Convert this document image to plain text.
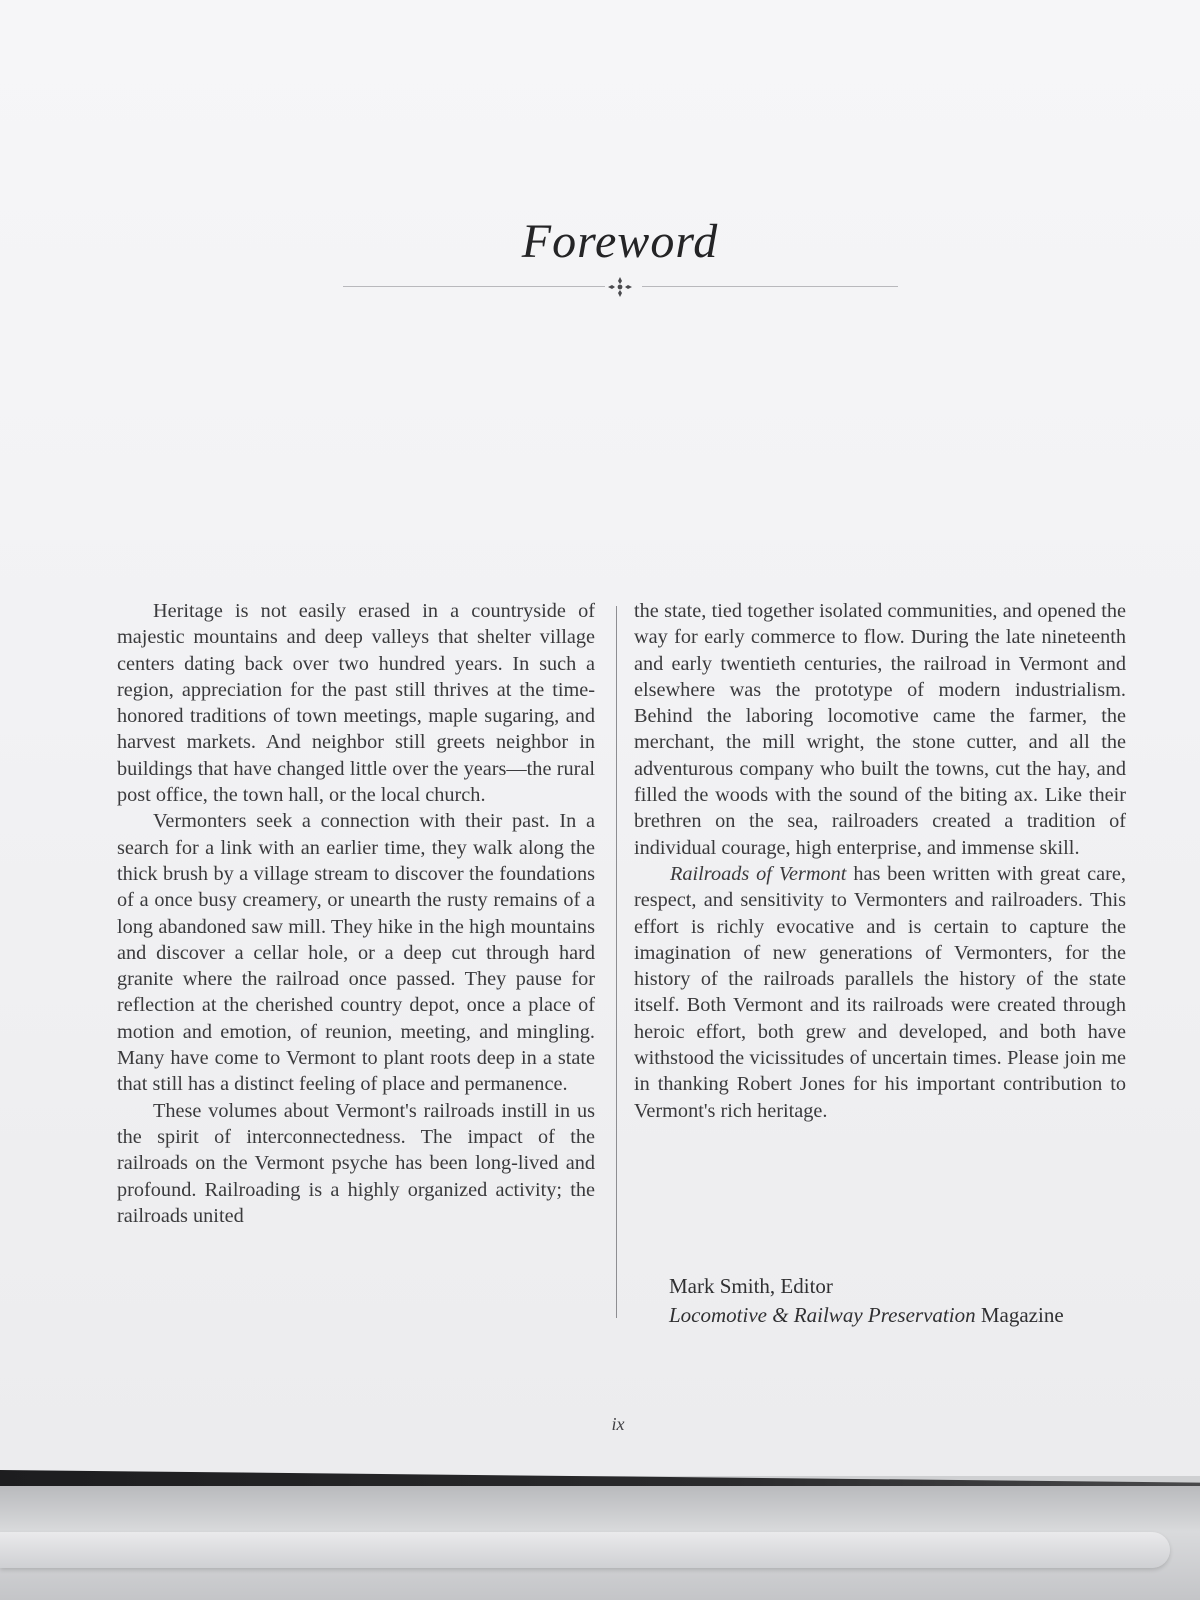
Foreword

Heritage is not easily erased in a countryside of majestic mountains and deep valleys that shelter village centers dating back over two hundred years. In such a region, appreciation for the past still thrives at the time-honored traditions of town meetings, maple sugaring, and harvest markets. And neighbor still greets neighbor in buildings that have changed little over the years—the rural post office, the town hall, or the local church.

Vermonters seek a connection with their past. In a search for a link with an earlier time, they walk along the thick brush by a village stream to discover the foundations of a once busy creamery, or unearth the rusty remains of a long abandoned saw mill. They hike in the high mountains and discover a cellar hole, or a deep cut through hard granite where the railroad once passed. They pause for reflection at the cherished country depot, once a place of motion and emotion, of reunion, meeting, and mingling. Many have come to Vermont to plant roots deep in a state that still has a distinct feeling of place and permanence.

These volumes about Vermont's railroads instill in us the spirit of interconnectedness. The impact of the railroads on the Vermont psyche has been long-lived and profound. Railroading is a highly organized activity; the railroads united

the state, tied together isolated communities, and opened the way for early commerce to flow. During the late nineteenth and early twentieth centuries, the railroad in Vermont and elsewhere was the prototype of modern industrialism. Behind the laboring locomotive came the farmer, the merchant, the mill wright, the stone cutter, and all the adventurous company who built the towns, cut the hay, and filled the woods with the sound of the biting ax. Like their brethren on the sea, railroaders created a tradition of individual courage, high enterprise, and immense skill.

Railroads of Vermont has been written with great care, respect, and sensitivity to Vermonters and railroaders. This effort is richly evocative and is certain to capture the imagination of new generations of Vermonters, for the history of the railroads parallels the history of the state itself. Both Vermont and its railroads were created through heroic effort, both grew and developed, and both have withstood the vicissitudes of uncertain times. Please join me in thanking Robert Jones for his important contribution to Vermont's rich heritage.

Mark Smith, Editor
Locomotive & Railway Preservation Magazine
ix
